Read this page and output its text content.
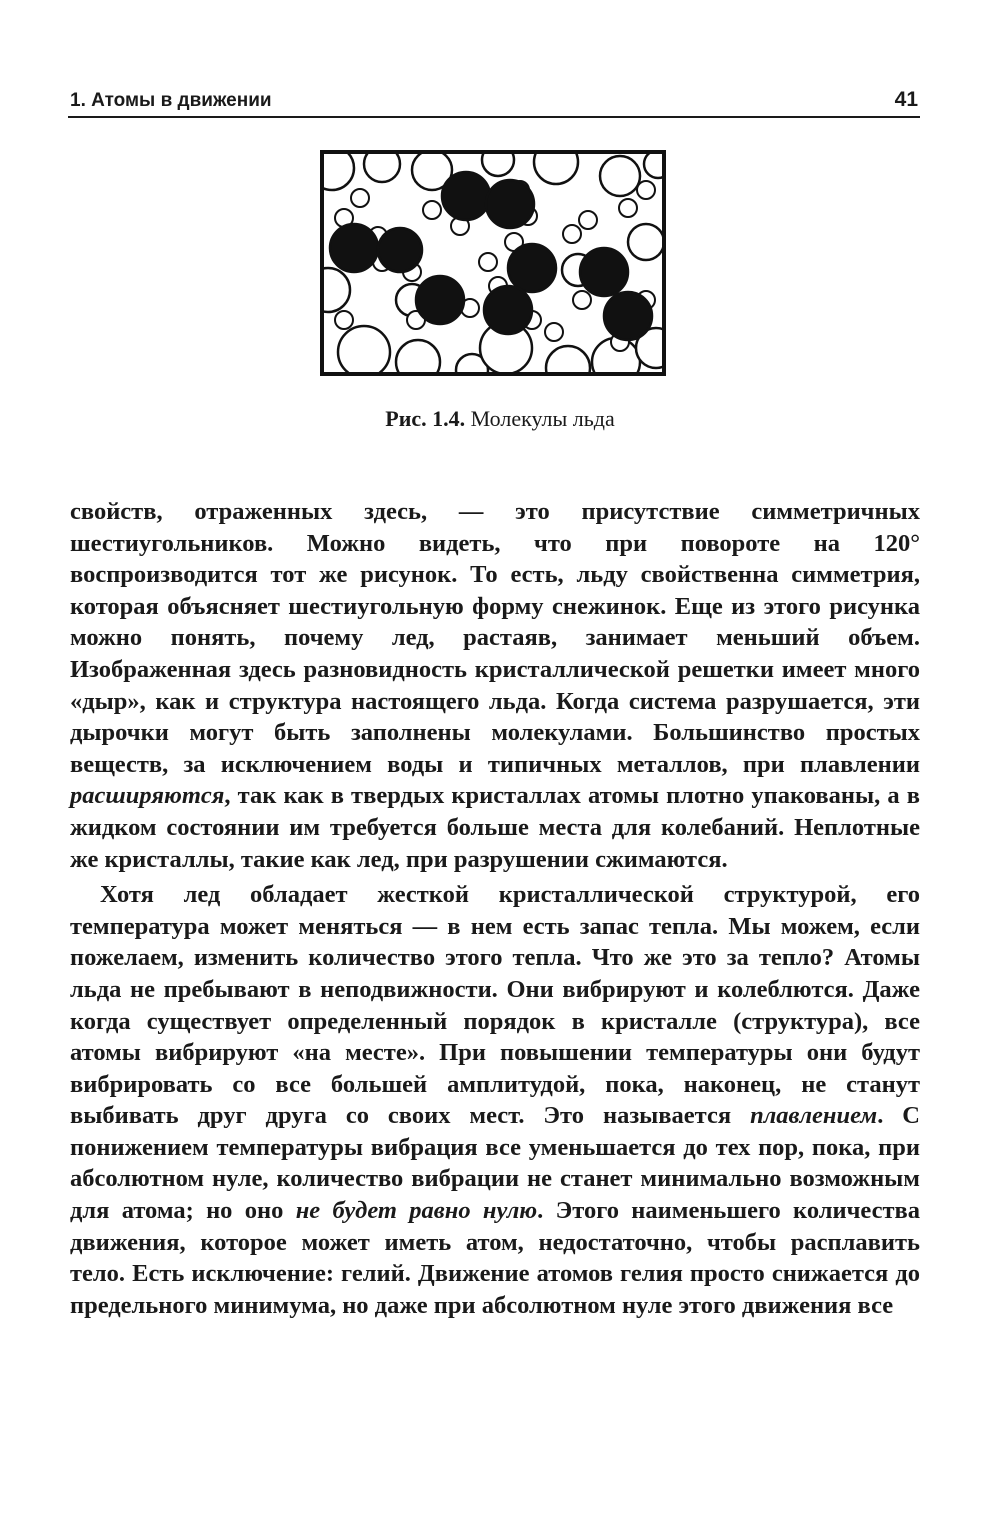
1. Атомы в движении	41
Рис. 1.4. Молекулы льда

свойств, отраженных здесь, — это присутствие симметричных шестиугольников. Можно видеть, что при повороте на 120° воспроизводится тот же рисунок. То есть, льду свойственна симметрия, которая объясняет шестиугольную форму снежинок. Еще из этого рисунка можно понять, почему лед, растаяв, занимает меньший объем. Изображенная здесь разновидность кристаллической решетки имеет много «дыр», как и структура настоящего льда. Когда система разрушается, эти дырочки могут быть заполнены молекулами. Большинство простых веществ, за исключением воды и типичных металлов, при плавлении расширяются, так как в твердых кристаллах атомы плотно упакованы, а в жидком состоянии им требуется больше места для колебаний. Неплотные же кристаллы, такие как лед, при разрушении сжимаются.

Хотя лед обладает жесткой кристаллической структурой, его температура может меняться — в нем есть запас тепла. Мы можем, если пожелаем, изменить количество этого тепла. Что же это за тепло? Атомы льда не пребывают в неподвижности. Они вибрируют и колеблются. Даже когда существует определенный порядок в кристалле (структура), все атомы вибрируют «на месте». При повышении температуры они будут вибрировать со все большей амплитудой, пока, наконец, не станут выбивать друг друга со своих мест. Это называется плавлением. С понижением температуры вибрация все уменьшается до тех пор, пока, при абсолютном нуле, количество вибрации не станет минимально возможным для атома; но оно не будет равно нулю. Этого наименьшего количества движения, которое может иметь атом, недостаточно, чтобы расплавить тело. Есть исключение: гелий. Движение атомов гелия просто снижается до предельного минимума, но даже при абсолютном нуле этого движения все
